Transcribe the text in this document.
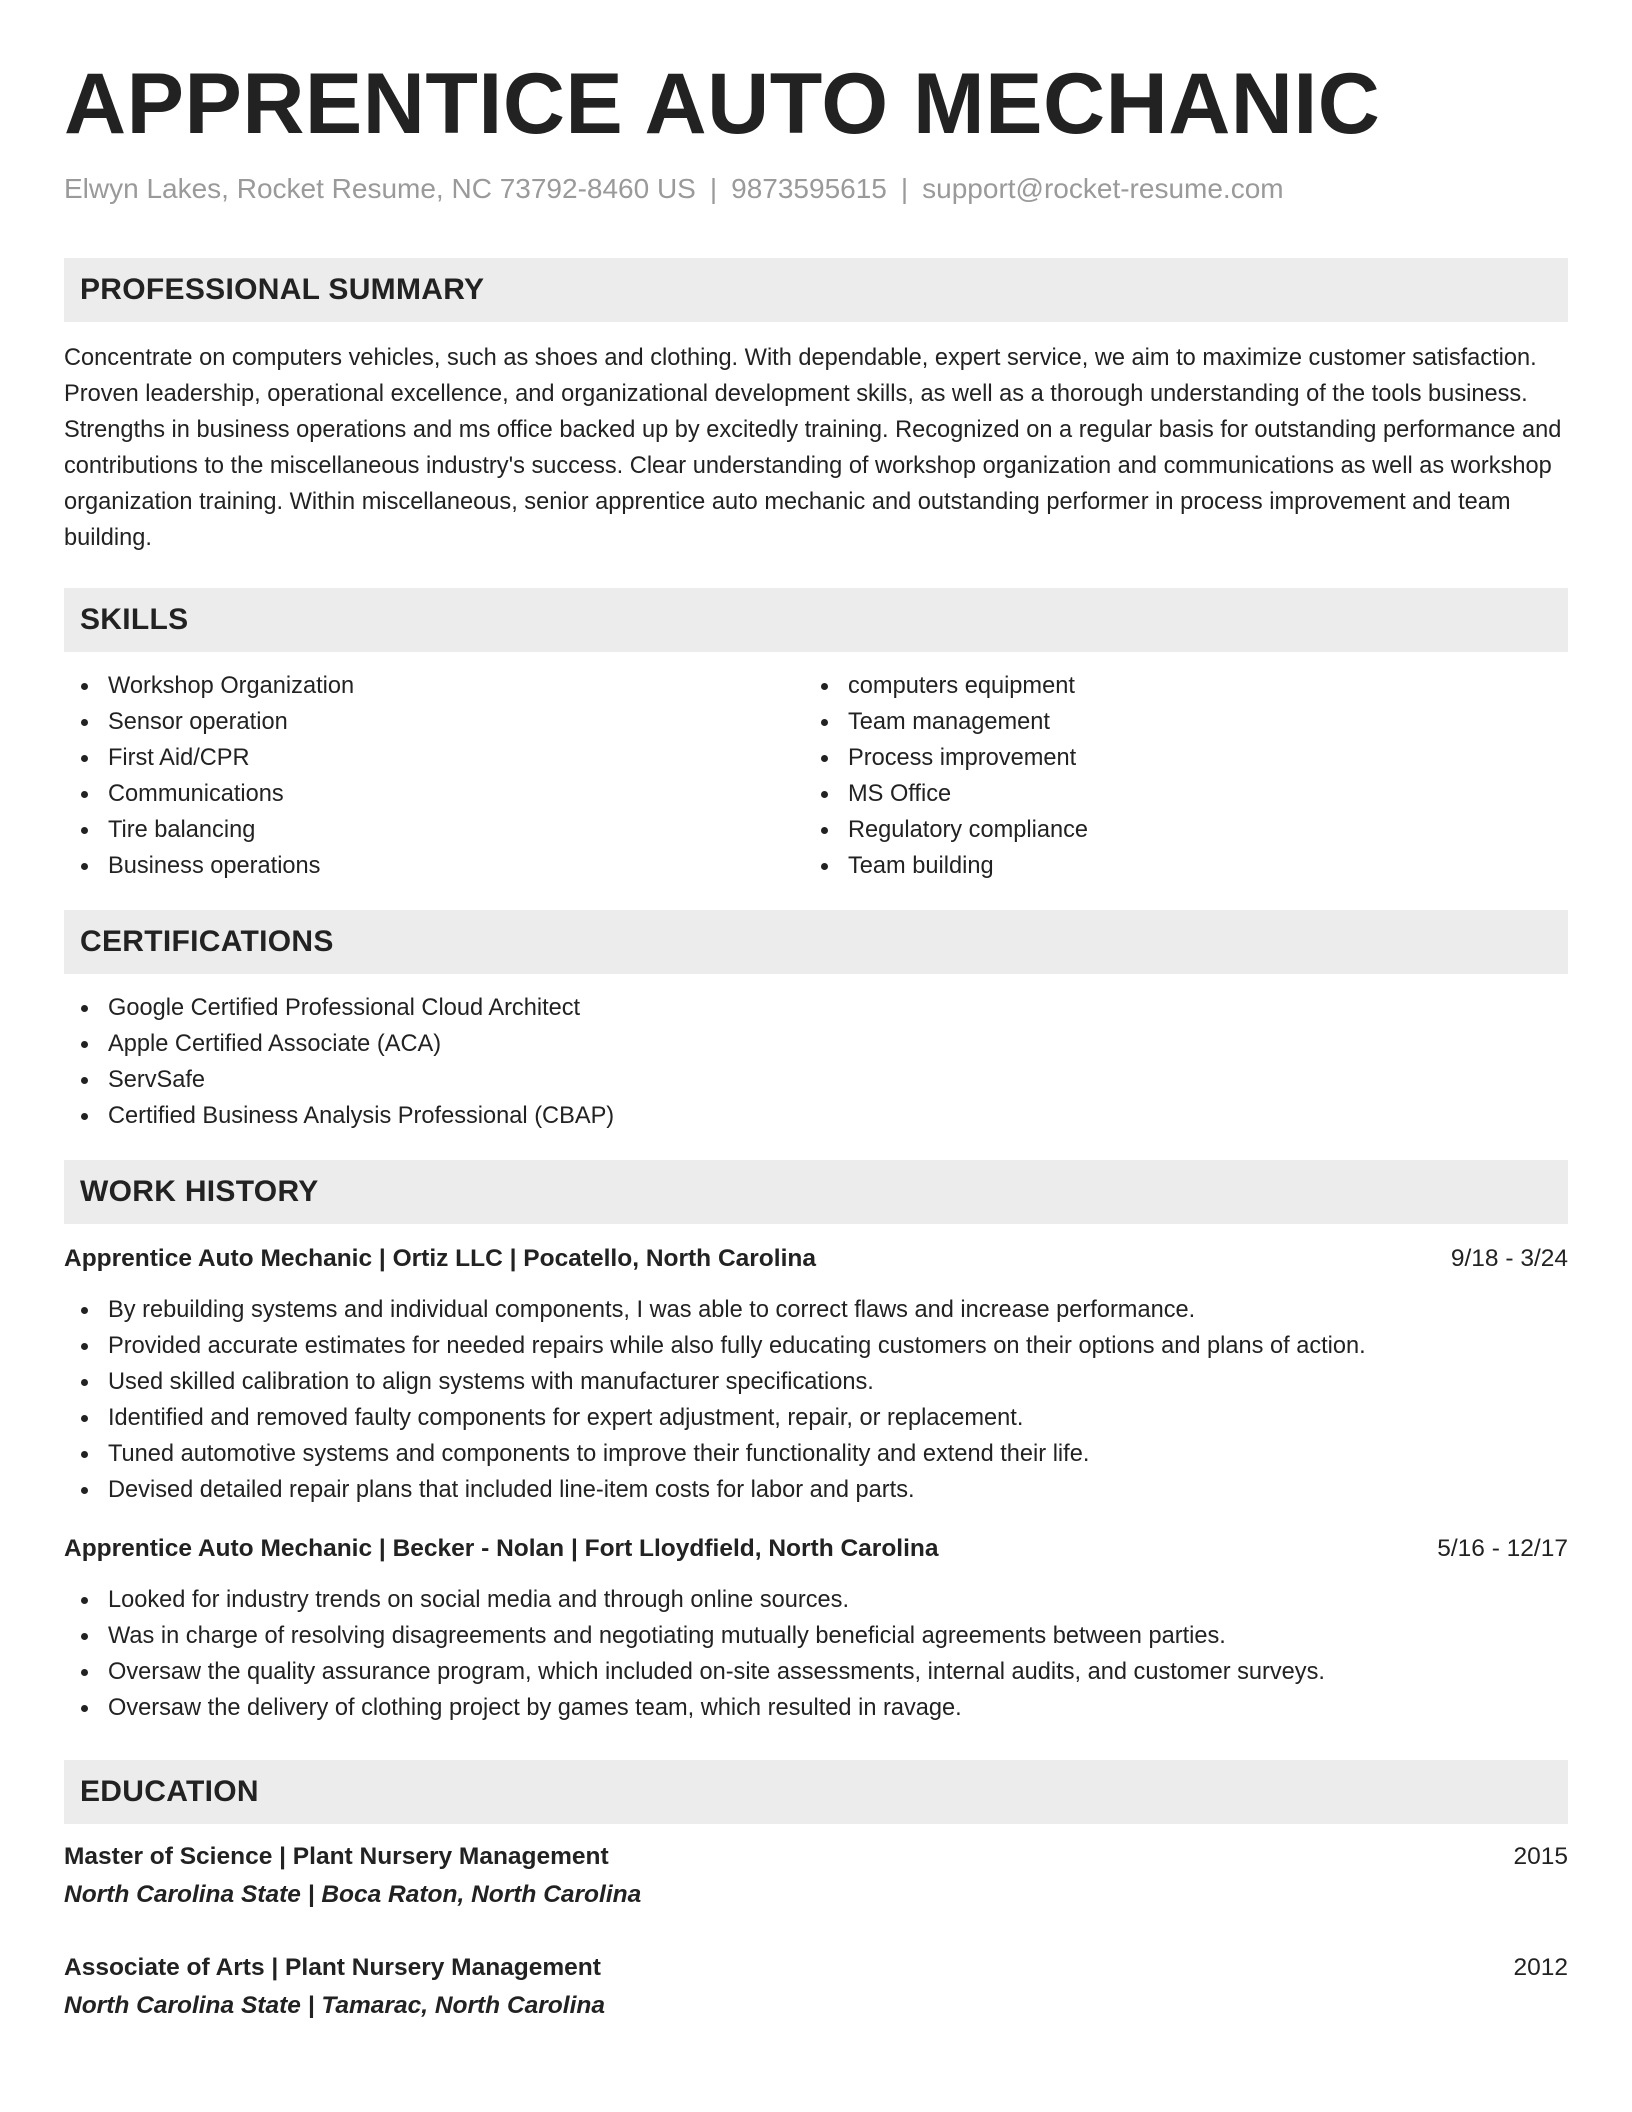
APPRENTICE AUTO MECHANIC
Elwyn Lakes, Rocket Resume, NC 73792-8460 US | 9873595615 | support@rocket-resume.com
PROFESSIONAL SUMMARY

Concentrate on computers vehicles, such as shoes and clothing. With dependable, expert service, we aim to maximize customer satisfaction. Proven leadership, operational excellence, and organizational development skills, as well as a thorough understanding of the tools business. Strengths in business operations and ms office backed up by excitedly training. Recognized on a regular basis for outstanding performance and contributions to the miscellaneous industry's success. Clear understanding of workshop organization and communications as well as workshop organization training. Within miscellaneous, senior apprentice auto mechanic and outstanding performer in process improvement and team building.

SKILLS
Workshop Organization
Sensor operation
First Aid/CPR
Communications
Tire balancing
Business operations
computers equipment
Team management
Process improvement
MS Office
Regulatory compliance
Team building
CERTIFICATIONS
Google Certified Professional Cloud Architect
Apple Certified Associate (ACA)
ServSafe
Certified Business Analysis Professional (CBAP)
WORK HISTORY
Apprentice Auto Mechanic | Ortiz LLC | Pocatello, North Carolina	9/18 - 3/24
By rebuilding systems and individual components, I was able to correct flaws and increase performance.
Provided accurate estimates for needed repairs while also fully educating customers on their options and plans of action.
Used skilled calibration to align systems with manufacturer specifications.
Identified and removed faulty components for expert adjustment, repair, or replacement.
Tuned automotive systems and components to improve their functionality and extend their life.
Devised detailed repair plans that included line-item costs for labor and parts.
Apprentice Auto Mechanic | Becker - Nolan | Fort Lloydfield, North Carolina	5/16 - 12/17
Looked for industry trends on social media and through online sources.
Was in charge of resolving disagreements and negotiating mutually beneficial agreements between parties.
Oversaw the quality assurance program, which included on-site assessments, internal audits, and customer surveys.
Oversaw the delivery of clothing project by games team, which resulted in ravage.
EDUCATION
Master of Science | Plant Nursery Management	2015
North Carolina State | Boca Raton, North Carolina
Associate of Arts | Plant Nursery Management	2012
North Carolina State | Tamarac, North Carolina
